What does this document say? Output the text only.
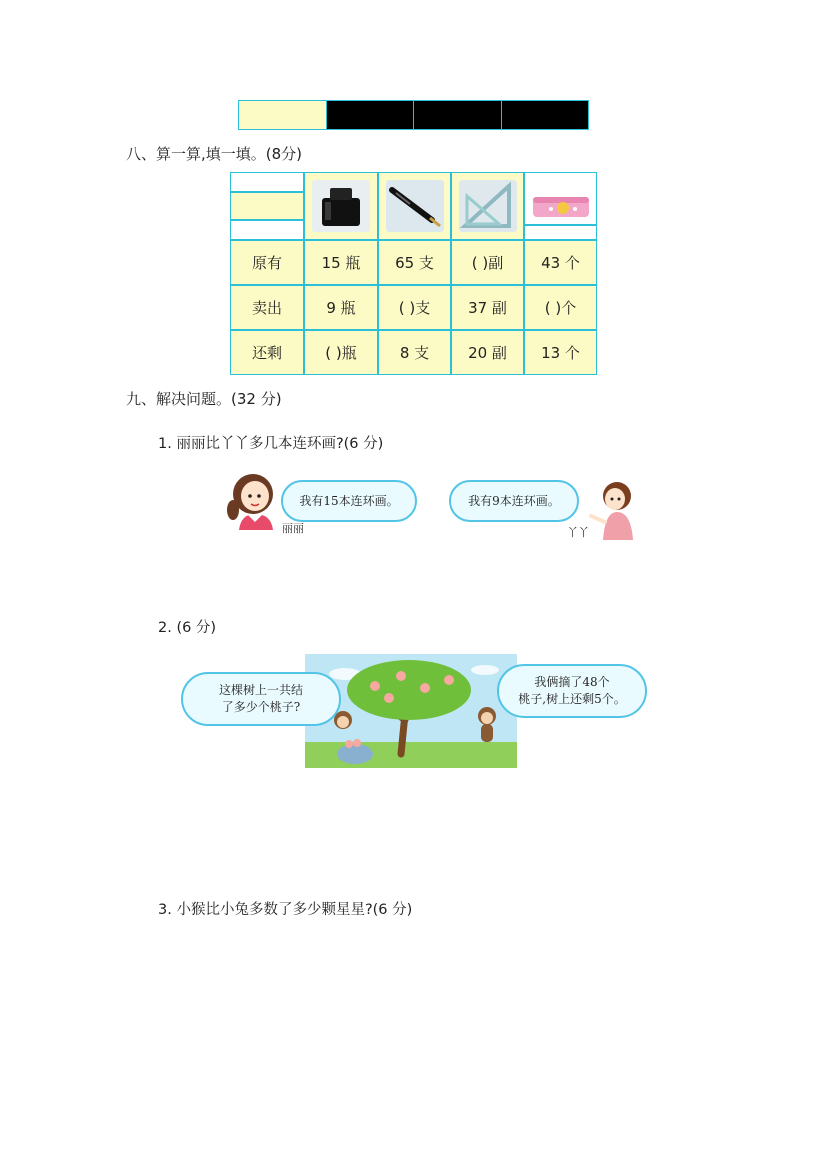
八、算一算,填一填。(8分)
原有	15 瓶	65 支	( )副	43 个
卖出	9 瓶	( )支	37 副	( )个
还剩	( )瓶	8 支	20 副	13 个
九、解决问题。(32 分)
1. 丽丽比丫丫多几本连环画?(6 分)
我有15本连环画。
丽丽
我有9本连环画。
丫丫
2. (6 分)
这棵树上一共结
了多少个桃子?
我俩摘了48个
桃子,树上还剩5个。
3. 小猴比小兔多数了多少颗星星?(6 分)
